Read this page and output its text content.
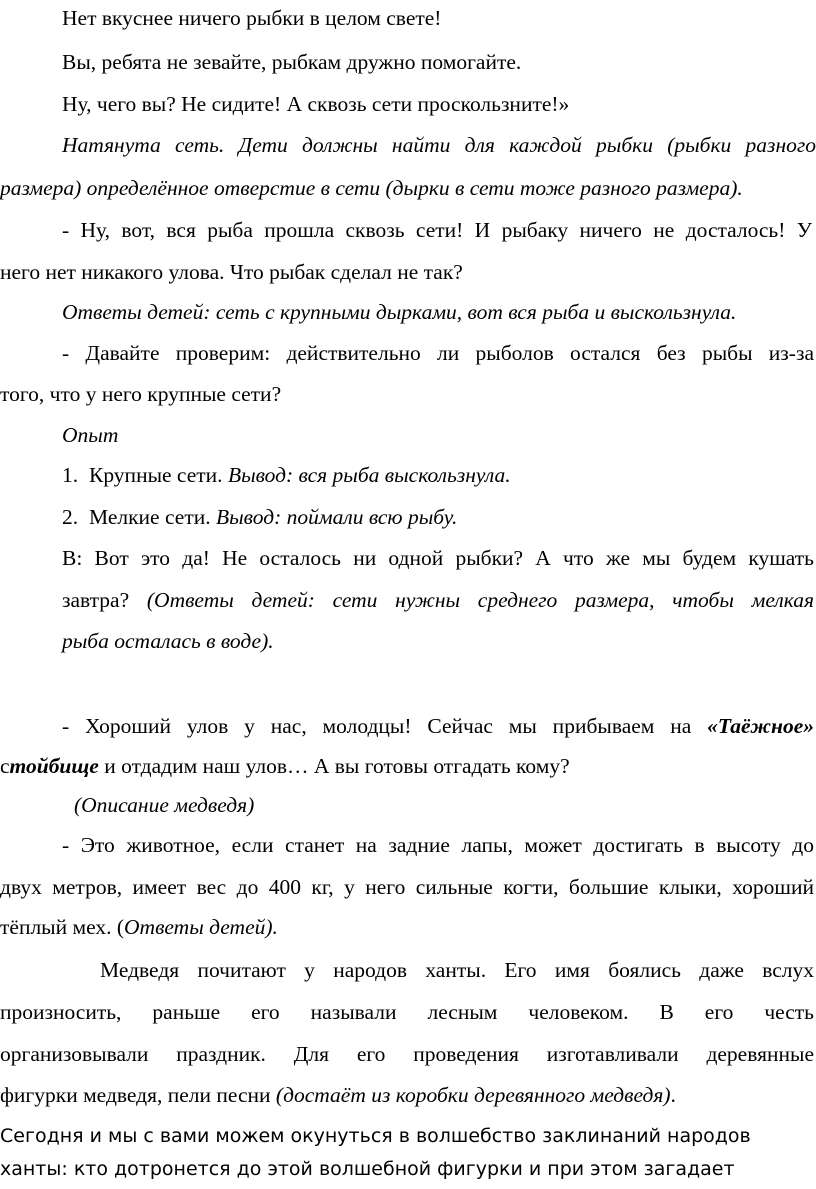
Нет вкуснее ничего рыбки в целом свете!
Вы, ребята не зевайте, рыбкам дружно помогайте.
Ну, чего вы? Не сидите! А сквозь сети проскользните!»
Натянута сеть. Дети должны найти для каждой рыбки (рыбки разного
размера) определённое отверстие в сети (дырки в сети тоже разного размера).
- Ну, вот, вся рыба прошла сквозь сети! И рыбаку ничего не досталось! У
него нет никакого улова. Что рыбак сделал не так?
Ответы детей: сеть с крупными дырками, вот вся рыба и выскользнула.
- Давайте проверим: действительно ли рыболов остался без рыбы из-за
того, что у него крупные сети?
Опыт
1. Крупные сети. Вывод: вся рыба выскользнула.
2. Мелкие сети. Вывод: поймали всю рыбу.
В: Вот это да! Не осталось ни одной рыбки? А что же мы будем кушать
завтра? (Ответы детей: сети нужны среднего размера, чтобы мелкая
рыба осталась в воде).
- Хороший улов у нас, молодцы! Сейчас мы прибываем на «Таёжное»
стойбище и отдадим наш улов… А вы готовы отгадать кому?
(Описание медведя)
- Это животное, если станет на задние лапы, может достигать в высоту до
двух метров, имеет вес до 400 кг, у него сильные когти, большие клыки, хороший
тёплый мех. (Ответы детей).
Медведя почитают у народов ханты. Его имя боялись даже вслух
произносить, раньше его называли лесным человеком. В его честь
организовывали праздник. Для его проведения изготавливали деревянные
фигурки медведя, пели песни (достаёт из коробки деревянного медведя).
Сегодня и мы с вами можем окунуться в волшебство заклинаний народов
ханты: кто дотронется до этой волшебной фигурки и при этом загадает
